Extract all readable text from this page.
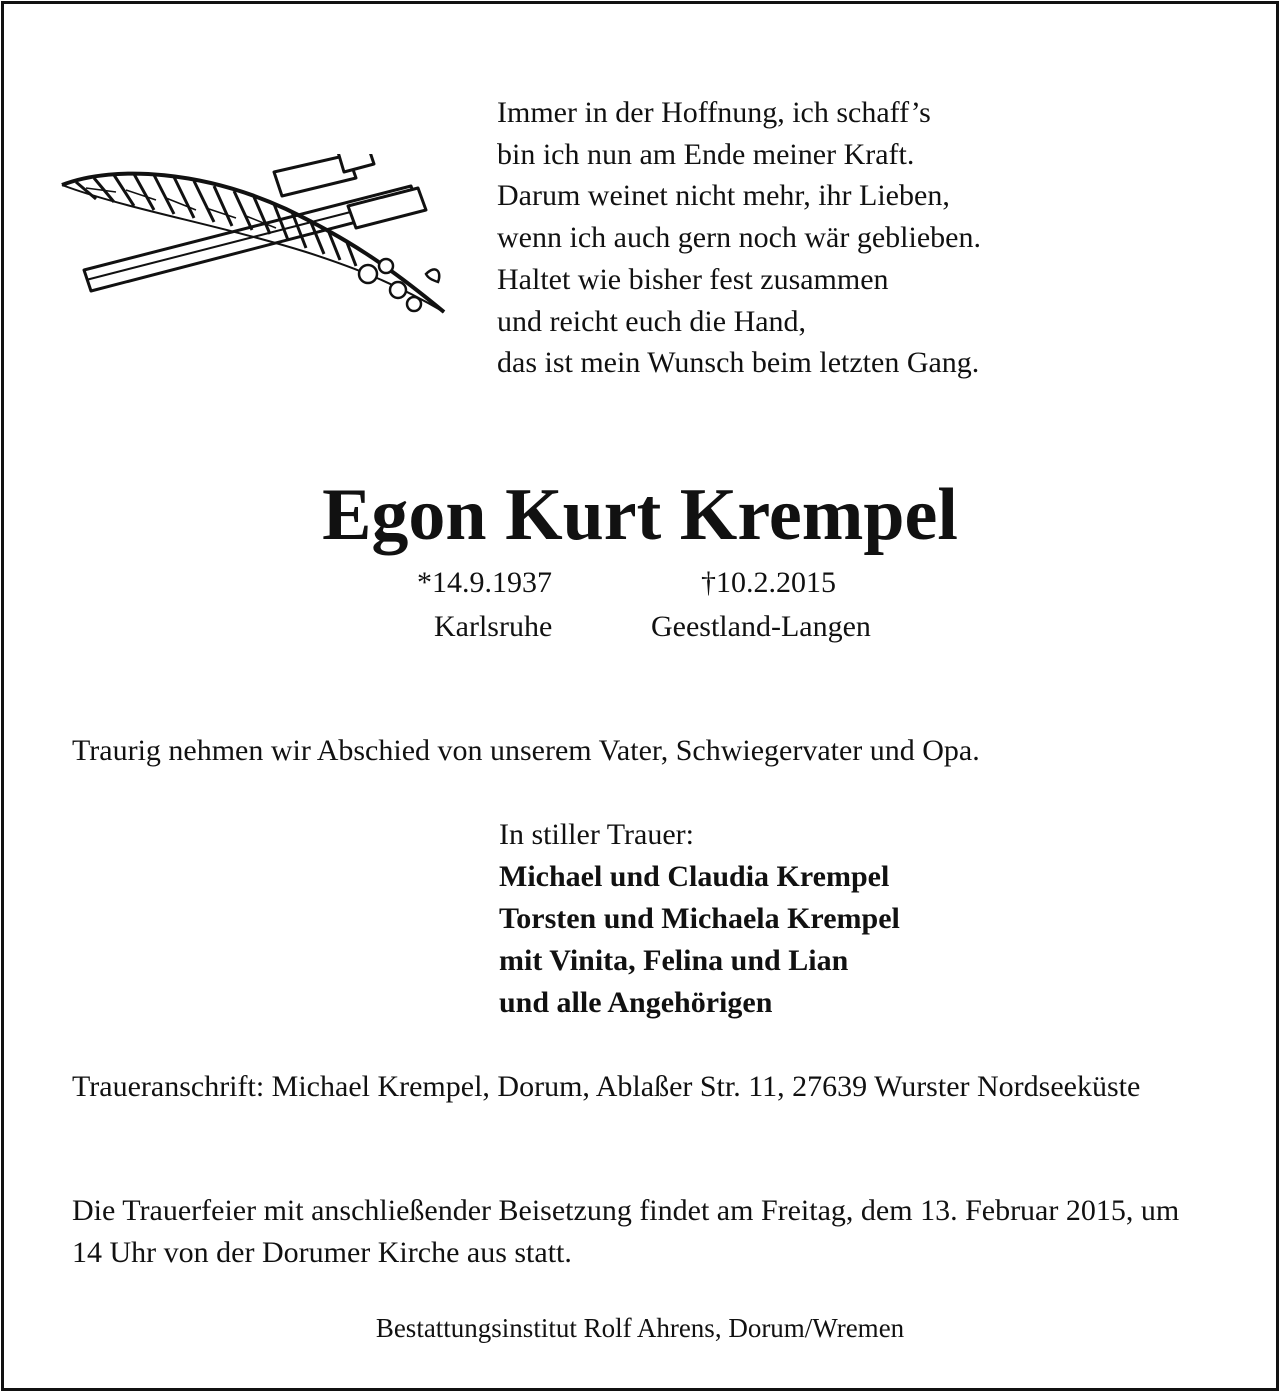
Immer in der Hoffnung, ich schaff’s
bin ich nun am Ende meiner Kraft.
Darum weinet nicht mehr, ihr Lieben,
wenn ich auch gern noch wär geblieben.
Haltet wie bisher fest zusammen
und reicht euch die Hand,
das ist mein Wunsch beim letzten Gang.
Egon Kurt Krempel
*14.9.1937	†10.2.2015
Karlsruhe	Geestland-Langen

Traurig nehmen wir Abschied von unserem Vater, Schwiegervater und Opa.

In stiller Trauer:
Michael und Claudia Krempel
Torsten und Michaela Krempel
mit Vinita, Felina und Lian
und alle Angehörigen

Traueranschrift: Michael Krempel, Dorum, Ablaßer Str. 11, 27639 Wurster Nordseeküste

Die Trauerfeier mit anschließender Beisetzung findet am Freitag, dem 13. Februar 2015, um 14 Uhr von der Dorumer Kirche aus statt.

Bestattungsinstitut Rolf Ahrens, Dorum/Wremen
